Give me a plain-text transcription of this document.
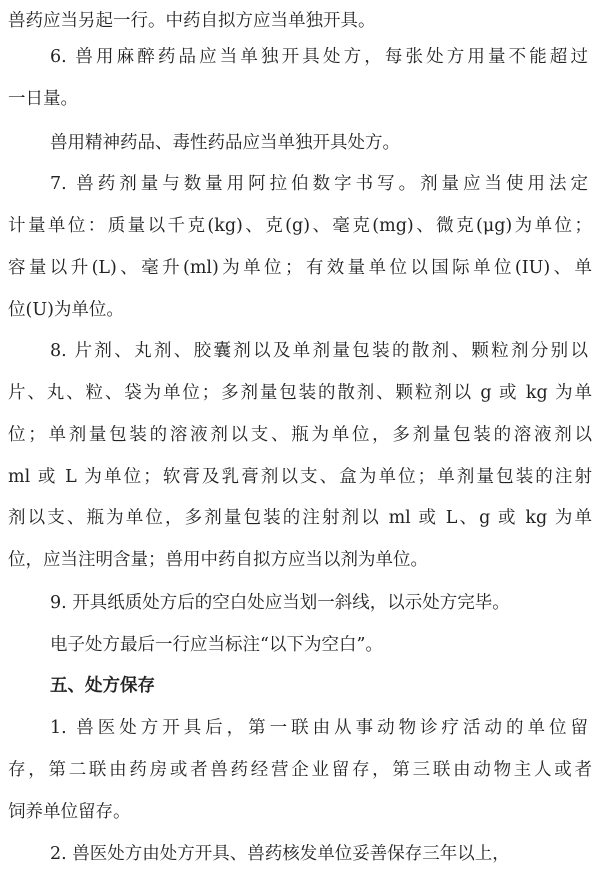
兽药应当另起一行。中药自拟方应当单独开具。

6. 兽用麻醉药品应当单独开具处方，每张处方用量不能超过

一日量。

兽用精神药品、毒性药品应当单独开具处方。

7. 兽药剂量与数量用阿拉伯数字书写。剂量应当使用法定

计量单位：质量以千克(kg)、克(g)、毫克(mg)、微克(μg)为单位；

容量以升(L)、毫升(ml)为单位；有效量单位以国际单位(IU)、单

位(U)为单位。

8. 片剂、丸剂、胶囊剂以及单剂量包装的散剂、颗粒剂分别以

片、丸、粒、袋为单位；多剂量包装的散剂、颗粒剂以 g 或 kg 为单

位；单剂量包装的溶液剂以支、瓶为单位，多剂量包装的溶液剂以

ml 或 L 为单位；软膏及乳膏剂以支、盒为单位；单剂量包装的注射

剂以支、瓶为单位，多剂量包装的注射剂以 ml 或 L、g 或 kg 为单

位，应当注明含量；兽用中药自拟方应当以剂为单位。

9. 开具纸质处方后的空白处应当划一斜线，以示处方完毕。

电子处方最后一行应当标注“以下为空白”。

五、处方保存

1. 兽医处方开具后，第一联由从事动物诊疗活动的单位留

存，第二联由药房或者兽药经营企业留存，第三联由动物主人或者

饲养单位留存。

2. 兽医处方由处方开具、兽药核发单位妥善保存三年以上，
